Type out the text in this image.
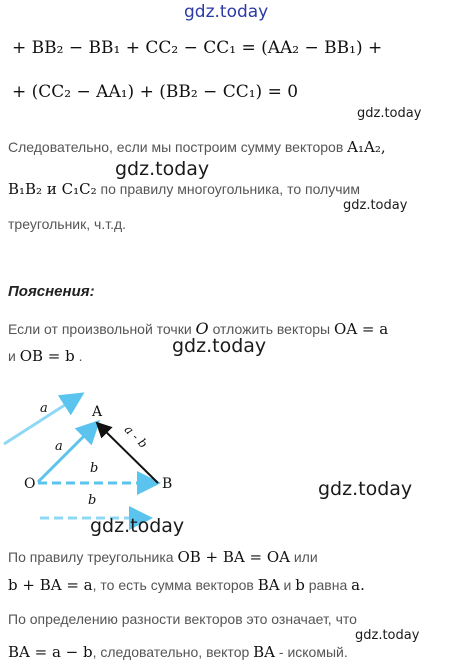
gdz.today
+ BB₂ − BB₁ + CC₂ − CC₁ = (AA₂ − BB₁) +
+ (CC₂ − AA₁) + (BB₂ − CC₁) = 0
gdz.today
Следовательно, если мы построим сумму векторов A₁A₂,
gdz.today
B₁B₂ и C₁C₂ по правилу многоугольника, то получим
gdz.today
треугольник, ч.т.д.
Пояснения:
Если от произвольной точки O отложить векторы OA = a
и OB = b .	gdz.today
A
B
O
a
a
b
b
a - b
gdz.today
gdz.today
По правилу треугольника OB + BA = OA или
b + BA = a, то есть сумма векторов BA и b равна a.
По определению разности векторов это означает, что
gdz.today
BA = a − b, следовательно, вектор BA - искомый.
